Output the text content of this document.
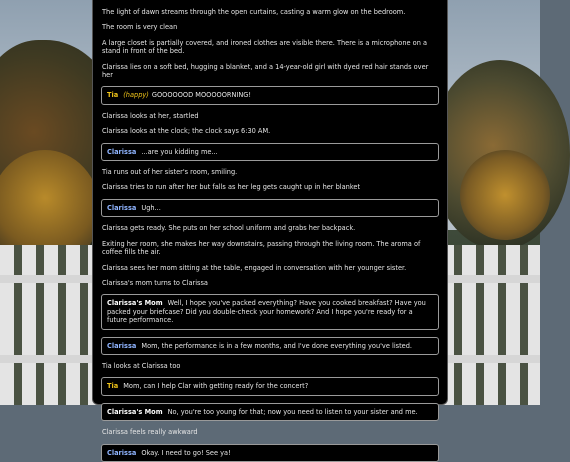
The light of dawn streams through the open curtains, casting a warm glow on the bedroom.

The room is very clean

A large closet is partially covered, and ironed clothes are visible there. There is a microphone on a stand in front of the bed.

Clarissa lies on a soft bed, hugging a blanket, and a 14-year-old girl with dyed red hair stands over her

Tia (happy) GOOOOOOD MOOOOORNING!

Clarissa looks at her, startled

Clarissa looks at the clock; the clock says 6:30 AM.

Clarissa ...are you kidding me...

Tia runs out of her sister's room, smiling.

Clarissa tries to run after her but falls as her leg gets caught up in her blanket

Clarissa Ugh...

Clarissa gets ready. She puts on her school uniform and grabs her backpack.

Exiting her room, she makes her way downstairs, passing through the living room. The aroma of coffee fills the air.

Clarissa sees her mom sitting at the table, engaged in conversation with her younger sister.

Clarissa's mom turns to Clarissa

Clarissa's Mom Well, I hope you've packed everything? Have you cooked breakfast? Have you packed your briefcase? Did you double-check your homework? And I hope you're ready for a future performance.
Clarissa Mom, the performance is in a few months, and I've done everything you've listed.

Tia looks at Clarissa too

Tia Mom, can I help Clar with getting ready for the concert?
Clarissa's Mom No, you're too young for that; now you need to listen to your sister and me.

Clarissa feels really awkward

Clarissa Okay. I need to go! See ya!
